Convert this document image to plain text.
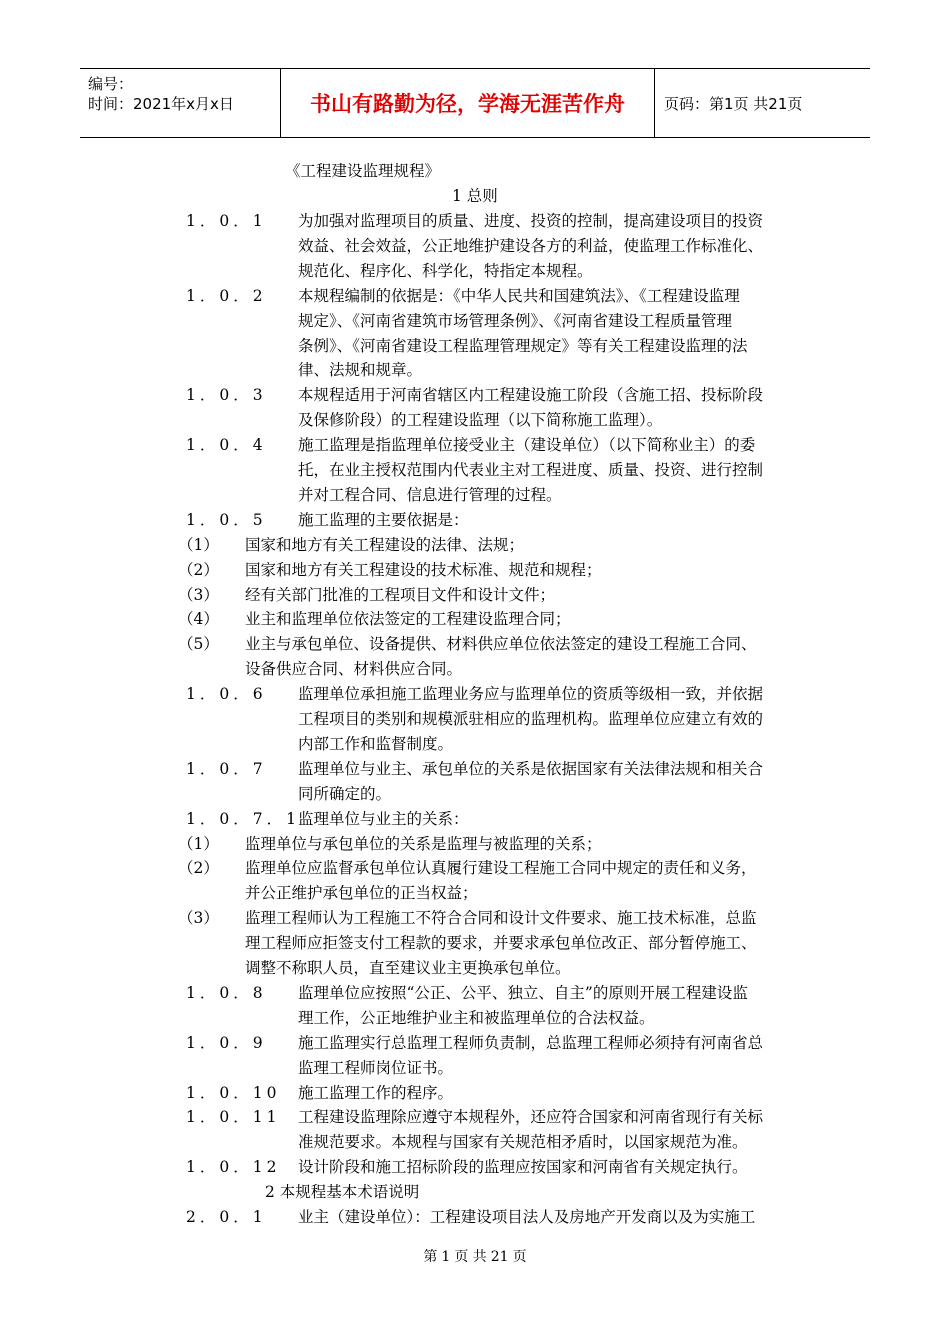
编号：
时间：2021年x月x日	书山有路勤为径，学海无涯苦作舟	页码：第1页 共21页
《工程建设监理规程》
1 总则
1．0．1 为加强对监理项目的质量、进度、投资的控制，提高建设项目的投资
效益、社会效益，公正地维护建设各方的利益，使监理工作标准化、
规范化、程序化、科学化，特指定本规程。
1．0．2 本规程编制的依据是：《中华人民共和国建筑法》、《工程建设监理
规定》、《河南省建筑市场管理条例》、《河南省建设工程质量管理
条例》、《河南省建设工程监理管理规定》等有关工程建设监理的法
律、法规和规章。
1．0．3 本规程适用于河南省辖区内工程建设施工阶段（含施工招、投标阶段
及保修阶段）的工程建设监理（以下简称施工监理）。
1．0．4 施工监理是指监理单位接受业主（建设单位）（以下简称业主）的委
托，在业主授权范围内代表业主对工程进度、质量、投资、进行控制
并对工程合同、信息进行管理的过程。
1．0．5 施工监理的主要依据是：
（1） 国家和地方有关工程建设的法律、法规；
（2） 国家和地方有关工程建设的技术标准、规范和规程；
（3） 经有关部门批准的工程项目文件和设计文件；
（4） 业主和监理单位依法签定的工程建设监理合同；
（5） 业主与承包单位、设备提供、材料供应单位依法签定的建设工程施工合同、
设备供应合同、材料供应合同。
1．0．6 监理单位承担施工监理业务应与监理单位的资质等级相一致，并依据
工程项目的类别和规模派驻相应的监理机构。监理单位应建立有效的
内部工作和监督制度。
1．0．7 监理单位与业主、承包单位的关系是依据国家有关法律法规和相关合
同所确定的。
1．0．7．1
监理单位与业主的关系：
（1） 监理单位与承包单位的关系是监理与被监理的关系；
（2） 监理单位应监督承包单位认真履行建设工程施工合同中规定的责任和义务，
并公正维护承包单位的正当权益；
（3） 监理工程师认为工程施工不符合合同和设计文件要求、施工技术标准，总监
理工程师应拒签支付工程款的要求，并要求承包单位改正、部分暂停施工、
调整不称职人员，直至建议业主更换承包单位。
1．0．8 监理单位应按照“公正、公平、独立、自主”的原则开展工程建设监
理工作，公正地维护业主和被监理单位的合法权益。
1．0．9 施工监理实行总监理工程师负责制，总监理工程师必须持有河南省总
监理工程师岗位证书。
1．0．10 施工监理工作的程序。
1．0．11 工程建设监理除应遵守本规程外，还应符合国家和河南省现行有关标
准规范要求。本规程与国家有关规范相矛盾时，以国家规范为准。
1．0．12 设计阶段和施工招标阶段的监理应按国家和河南省有关规定执行。
2 本规程基本术语说明
2．0．1 业主（建设单位）：工程建设项目法人及房地产开发商以及为实施工
第 1 页 共 21 页
